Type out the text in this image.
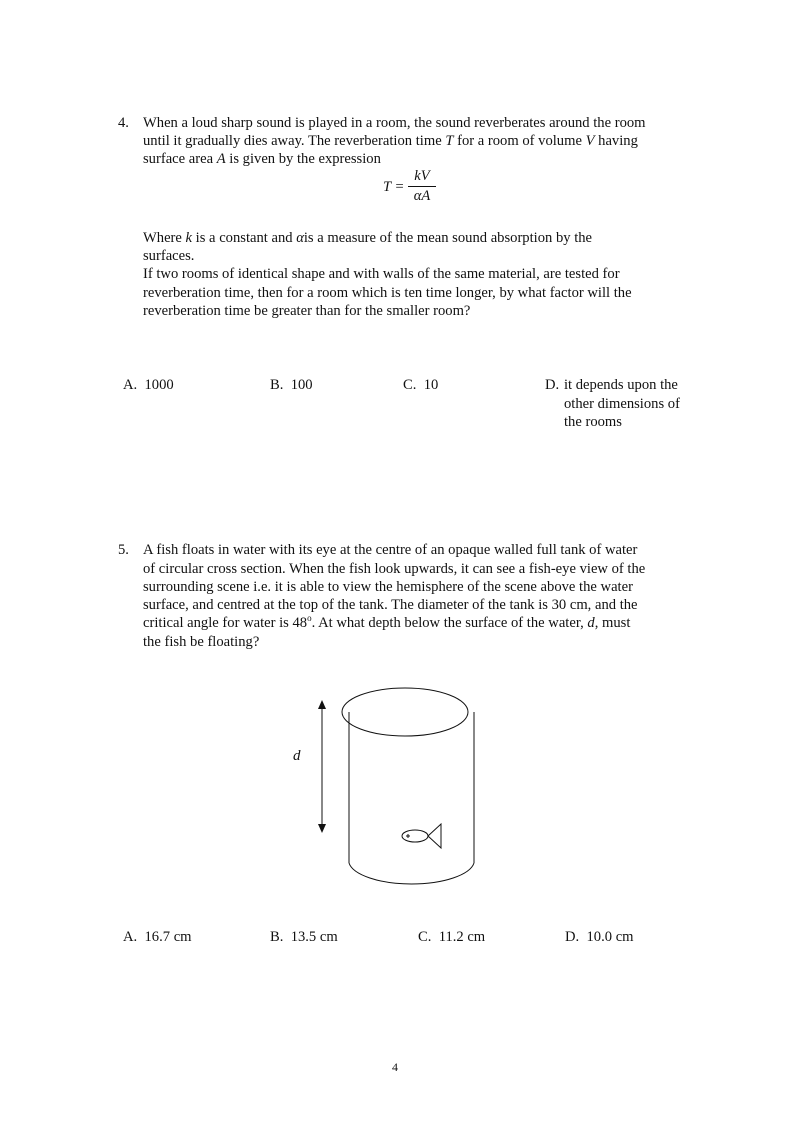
4. When a loud sharp sound is played in a room, the sound reverberates around the room
until it gradually dies away. The reverberation time T for a room of volume V having
surface area A is given by the expression
T =
kV
αA
Where k is a constant and αis a measure of the mean sound absorption by the
surfaces.
If two rooms of identical shape and with walls of the same material, are tested for
reverberation time, then for a room which is ten time longer, by what factor will the
reverberation time be greater than for the smaller room?
A. 1000	B. 100	C. 10	D. it depends upon the
other dimensions of
the rooms
5. A fish floats in water with its eye at the centre of an opaque walled full tank of water
of circular cross section. When the fish look upwards, it can see a fish-eye view of the
surrounding scene i.e. it is able to view the hemisphere of the scene above the water
surface, and centred at the top of the tank. The diameter of the tank is 30 cm, and the
critical angle for water is 48$^o$. At what depth below the surface of the water, d, must
the fish be floating?
d
A. 16.7 cm	B. 13.5 cm	C. 11.2 cm	D. 10.0 cm
4
